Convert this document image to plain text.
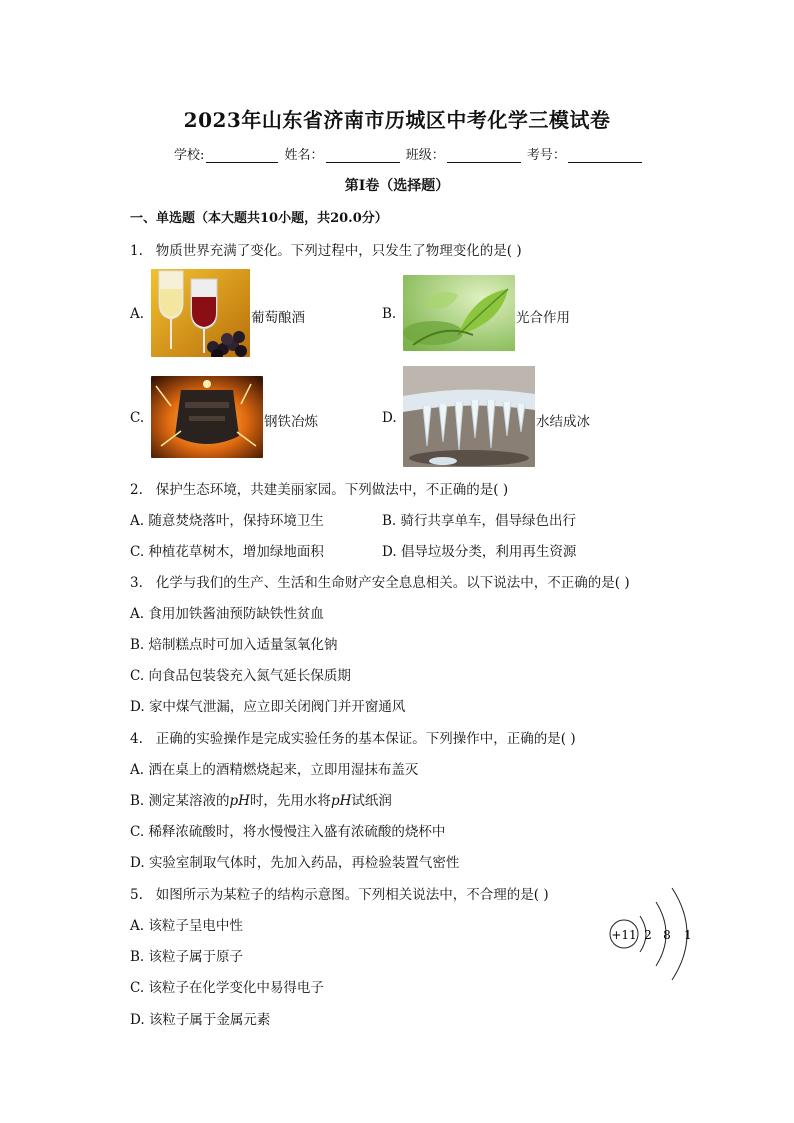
2023年山东省济南市历城区中考化学三模试卷
学校:	姓名：	班级：	考号：
第I卷（选择题）
一、单选题（本大题共10小题，共20.0分）
1. 物质世界充满了变化。下列过程中，只发生了物理变化的是( )
A.	葡萄酿酒	B.	光合作用
C.	钢铁冶炼	D.	水结成冰
2. 保护生态环境，共建美丽家园。下列做法中，不正确的是( )
A. 随意焚烧落叶，保持环境卫生	B. 骑行共享单车，倡导绿色出行
C. 种植花草树木，增加绿地面积	D. 倡导垃圾分类，利用再生资源
3. 化学与我们的生产、生活和生命财产安全息息相关。以下说法中，不正确的是( )
A. 食用加铁酱油预防缺铁性贫血
B. 焙制糕点时可加入适量氢氧化钠
C. 向食品包装袋充入氮气延长保质期
D. 家中煤气泄漏，应立即关闭阀门并开窗通风
4. 正确的实验操作是完成实验任务的基本保证。下列操作中，正确的是( )
A. 洒在桌上的酒精燃烧起来，立即用湿抹布盖灭
B. 测定某溶液的pH时，先用水将pH试纸润
C. 稀释浓硫酸时，将水慢慢注入盛有浓硫酸的烧杯中
D. 实验室制取气体时，先加入药品，再检验装置气密性
5. 如图所示为某粒子的结构示意图。下列相关说法中，不合理的是( )
A. 该粒子呈电中性
B. 该粒子属于原子
C. 该粒子在化学变化中易得电子
D. 该粒子属于金属元素
+11 2 8 1
